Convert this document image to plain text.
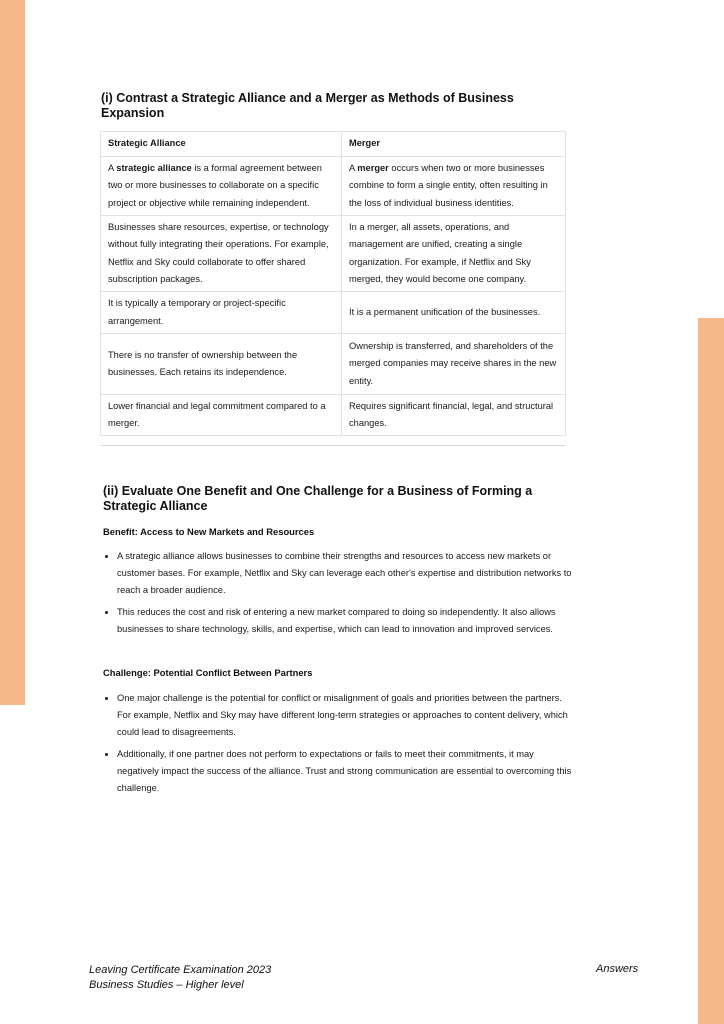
(i) Contrast a Strategic Alliance and a Merger as Methods of Business Expansion
Strategic Alliance	Merger
A strategic alliance is a formal agreement between two or more businesses to collaborate on a specific project or objective while remaining independent.	A merger occurs when two or more businesses combine to form a single entity, often resulting in the loss of individual business identities.
Businesses share resources, expertise, or technology without fully integrating their operations. For example, Netflix and Sky could collaborate to offer shared subscription packages.	In a merger, all assets, operations, and management are unified, creating a single organization. For example, if Netflix and Sky merged, they would become one company.
It is typically a temporary or project-specific arrangement.	It is a permanent unification of the businesses.
There is no transfer of ownership between the businesses. Each retains its independence.	Ownership is transferred, and shareholders of the merged companies may receive shares in the new entity.
Lower financial and legal commitment compared to a merger.	Requires significant financial, legal, and structural changes.
(ii) Evaluate One Benefit and One Challenge for a Business of Forming a Strategic Alliance

Benefit: Access to New Markets and Resources

• A strategic alliance allows businesses to combine their strengths and resources to access new markets or customer bases. For example, Netflix and Sky can leverage each other's expertise and distribution networks to reach a broader audience.
• This reduces the cost and risk of entering a new market compared to doing so independently. It also allows businesses to share technology, skills, and expertise, which can lead to innovation and improved services.

Challenge: Potential Conflict Between Partners

• One major challenge is the potential for conflict or misalignment of goals and priorities between the partners. For example, Netflix and Sky may have different long-term strategies or approaches to content delivery, which could lead to disagreements.
• Additionally, if one partner does not perform to expectations or fails to meet their commitments, it may negatively impact the success of the alliance. Trust and strong communication are essential to overcoming this challenge.
Leaving Certificate Examination 2023
Business Studies – Higher level
Answers
